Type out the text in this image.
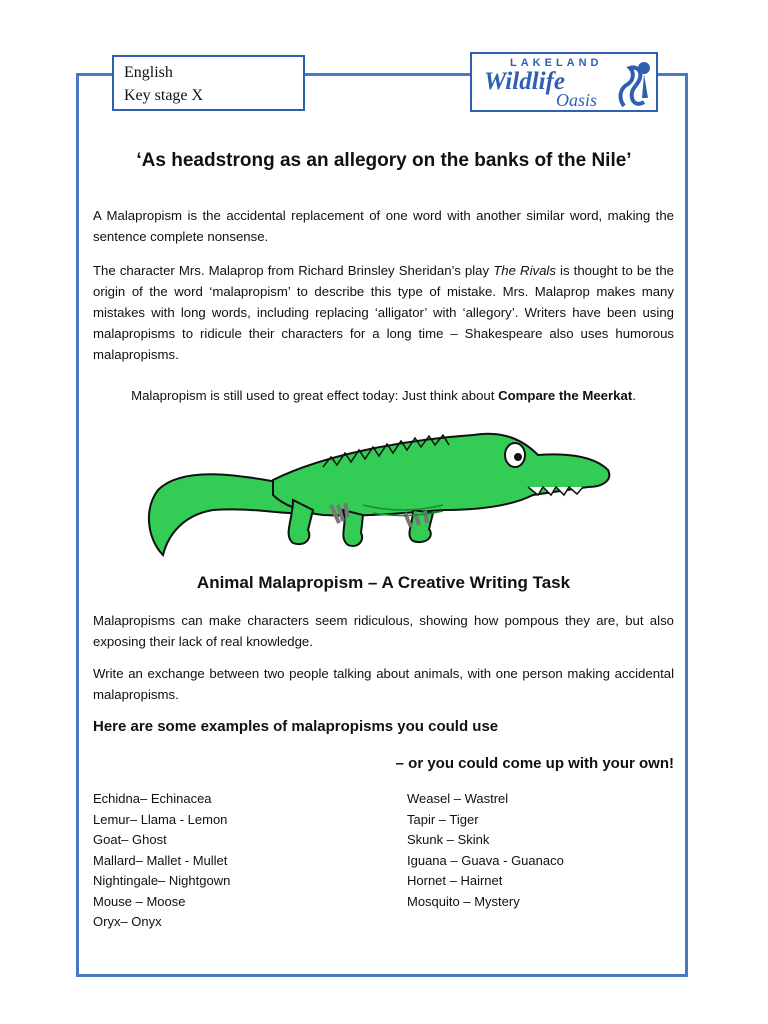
English
Key stage X
LAKELAND
Wildlife
Oasis
‘As headstrong as an allegory on the banks of the Nile’

A Malapropism is the accidental replacement of one word with another similar word, making the sentence complete nonsense.

The character Mrs. Malaprop from Richard Brinsley Sheridan’s play The Rivals is thought to be the origin of the word ‘malapropism’ to describe this type of mistake. Mrs. Malaprop makes many mistakes with long words, including replacing ‘alligator’ with ‘allegory’. Writers have been using malapropisms to ridicule their characters for a long time – Shakespeare also uses humorous malapropisms.

Malapropism is still used to great effect today: Just think about Compare the Meerkat.

Animal Malapropism – A Creative Writing Task

Malapropisms can make characters seem ridiculous, showing how pompous they are, but also exposing their lack of real knowledge.

Write an exchange between two people talking about animals, with one person making accidental malapropisms.

Here are some examples of malapropisms you could use
– or you could come up with your own!
Echidna– Echinacea
Lemur– Llama - Lemon
Goat– Ghost
Mallard– Mallet - Mullet
Nightingale– Nightgown
Mouse – Moose
Oryx– Onyx
Weasel – Wastrel
Tapir – Tiger
Skunk – Skink
Iguana – Guava - Guanaco
Hornet – Hairnet
Mosquito – Mystery
